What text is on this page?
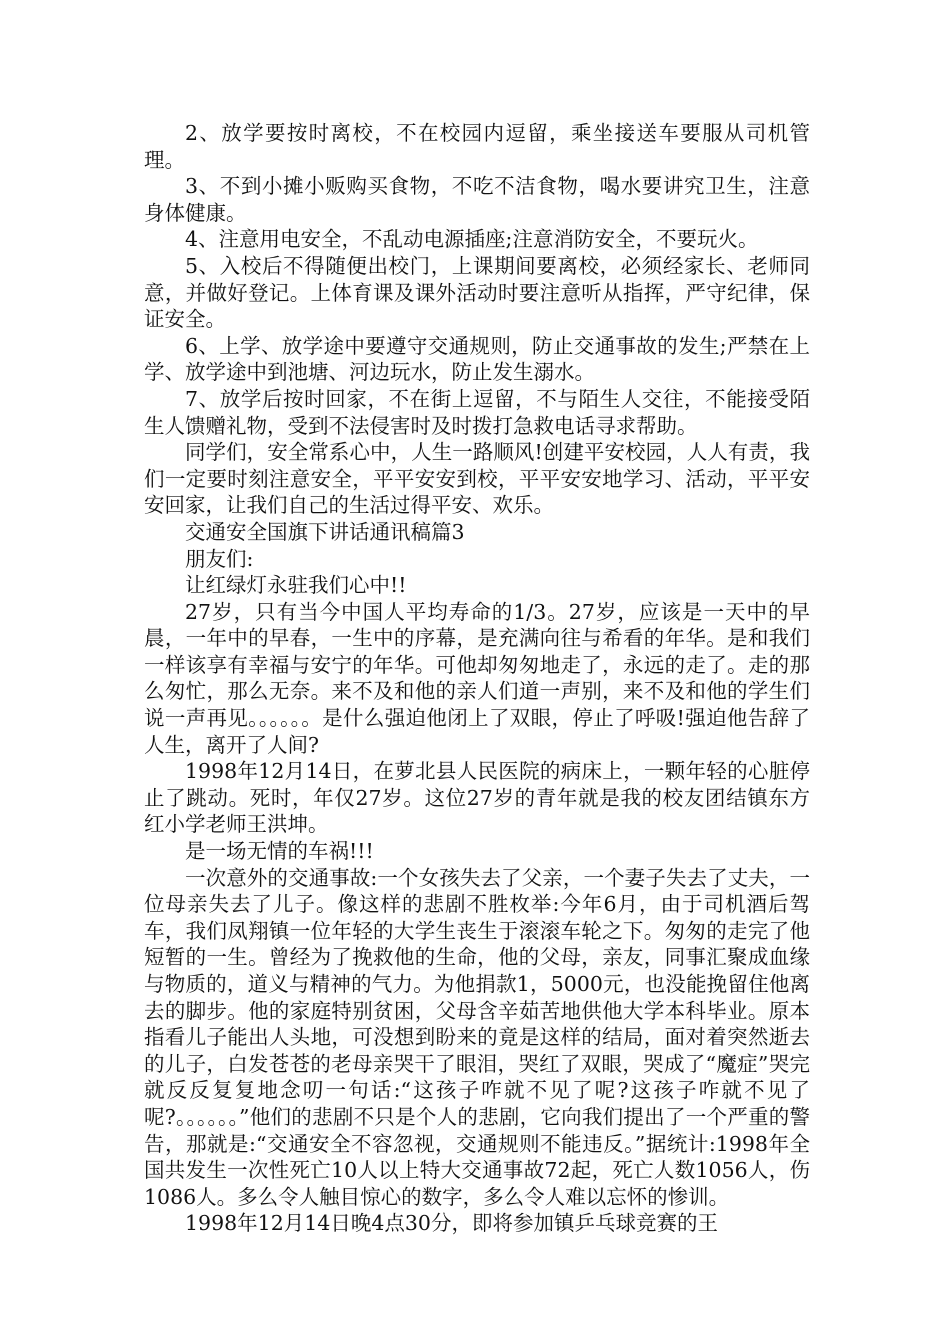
2、放学要按时离校，不在校园内逗留，乘坐接送车要服从司机管理。

3、不到小摊小贩购买食物，不吃不洁食物，喝水要讲究卫生，注意身体健康。

4、注意用电安全，不乱动电源插座;注意消防安全，不要玩火。

5、入校后不得随便出校门，上课期间要离校，必须经家长、老师同意，并做好登记。上体育课及课外活动时要注意听从指挥，严守纪律，保证安全。

6、上学、放学途中要遵守交通规则，防止交通事故的发生;严禁在上学、放学途中到池塘、河边玩水，防止发生溺水。

7、放学后按时回家，不在街上逗留，不与陌生人交往，不能接受陌生人馈赠礼物，受到不法侵害时及时拨打急救电话寻求帮助。

同学们，安全常系心中，人生一路顺风!创建平安校园，人人有责，我们一定要时刻注意安全，平平安安到校，平平安安地学习、活动，平平安安回家，让我们自己的生活过得平安、欢乐。

交通安全国旗下讲话通讯稿篇3

朋友们:

让红绿灯永驻我们心中!!

27岁，只有当今中国人平均寿命的1/3。27岁，应该是一天中的早晨，一年中的早春，一生中的序幕，是充满向往与希看的年华。是和我们一样该享有幸福与安宁的年华。可他却匆匆地走了，永远的走了。走的那么匆忙，那么无奈。来不及和他的亲人们道一声别，来不及和他的学生们说一声再见。。。。。。是什么强迫他闭上了双眼，停止了呼吸!强迫他告辞了人生，离开了人间?

1998年12月14日，在萝北县人民医院的病床上，一颗年轻的心脏停止了跳动。死时，年仅27岁。这位27岁的青年就是我的校友团结镇东方红小学老师王洪坤。

是一场无情的车祸!!!

一次意外的交通事故:一个女孩失去了父亲，一个妻子失去了丈夫，一位母亲失去了儿子。像这样的悲剧不胜枚举:今年6月，由于司机酒后驾车，我们凤翔镇一位年轻的大学生丧生于滚滚车轮之下。匆匆的走完了他短暂的一生。曾经为了挽救他的生命，他的父母，亲友，同事汇聚成血缘与物质的，道义与精神的气力。为他捐款1，5000元，也没能挽留住他离去的脚步。他的家庭特别贫困，父母含辛茹苦地供他大学本科毕业。原本指看儿子能出人头地，可没想到盼来的竟是这样的结局，面对着突然逝去的儿子，白发苍苍的老母亲哭干了眼泪，哭红了双眼，哭成了“魔症”哭完就反反复复地念叨一句话:“这孩子咋就不见了呢?这孩子咋就不见了呢?。。。。。。”他们的悲剧不只是个人的悲剧，它向我们提出了一个严重的警告，那就是:“交通安全不容忽视，交通规则不能违反。”据统计:1998年全国共发生一次性死亡10人以上特大交通事故72起，死亡人数1056人，伤1086人。多么令人触目惊心的数字，多么令人难以忘怀的惨训。

1998年12月14日晚4点30分，即将参加镇乒乓球竞赛的王
